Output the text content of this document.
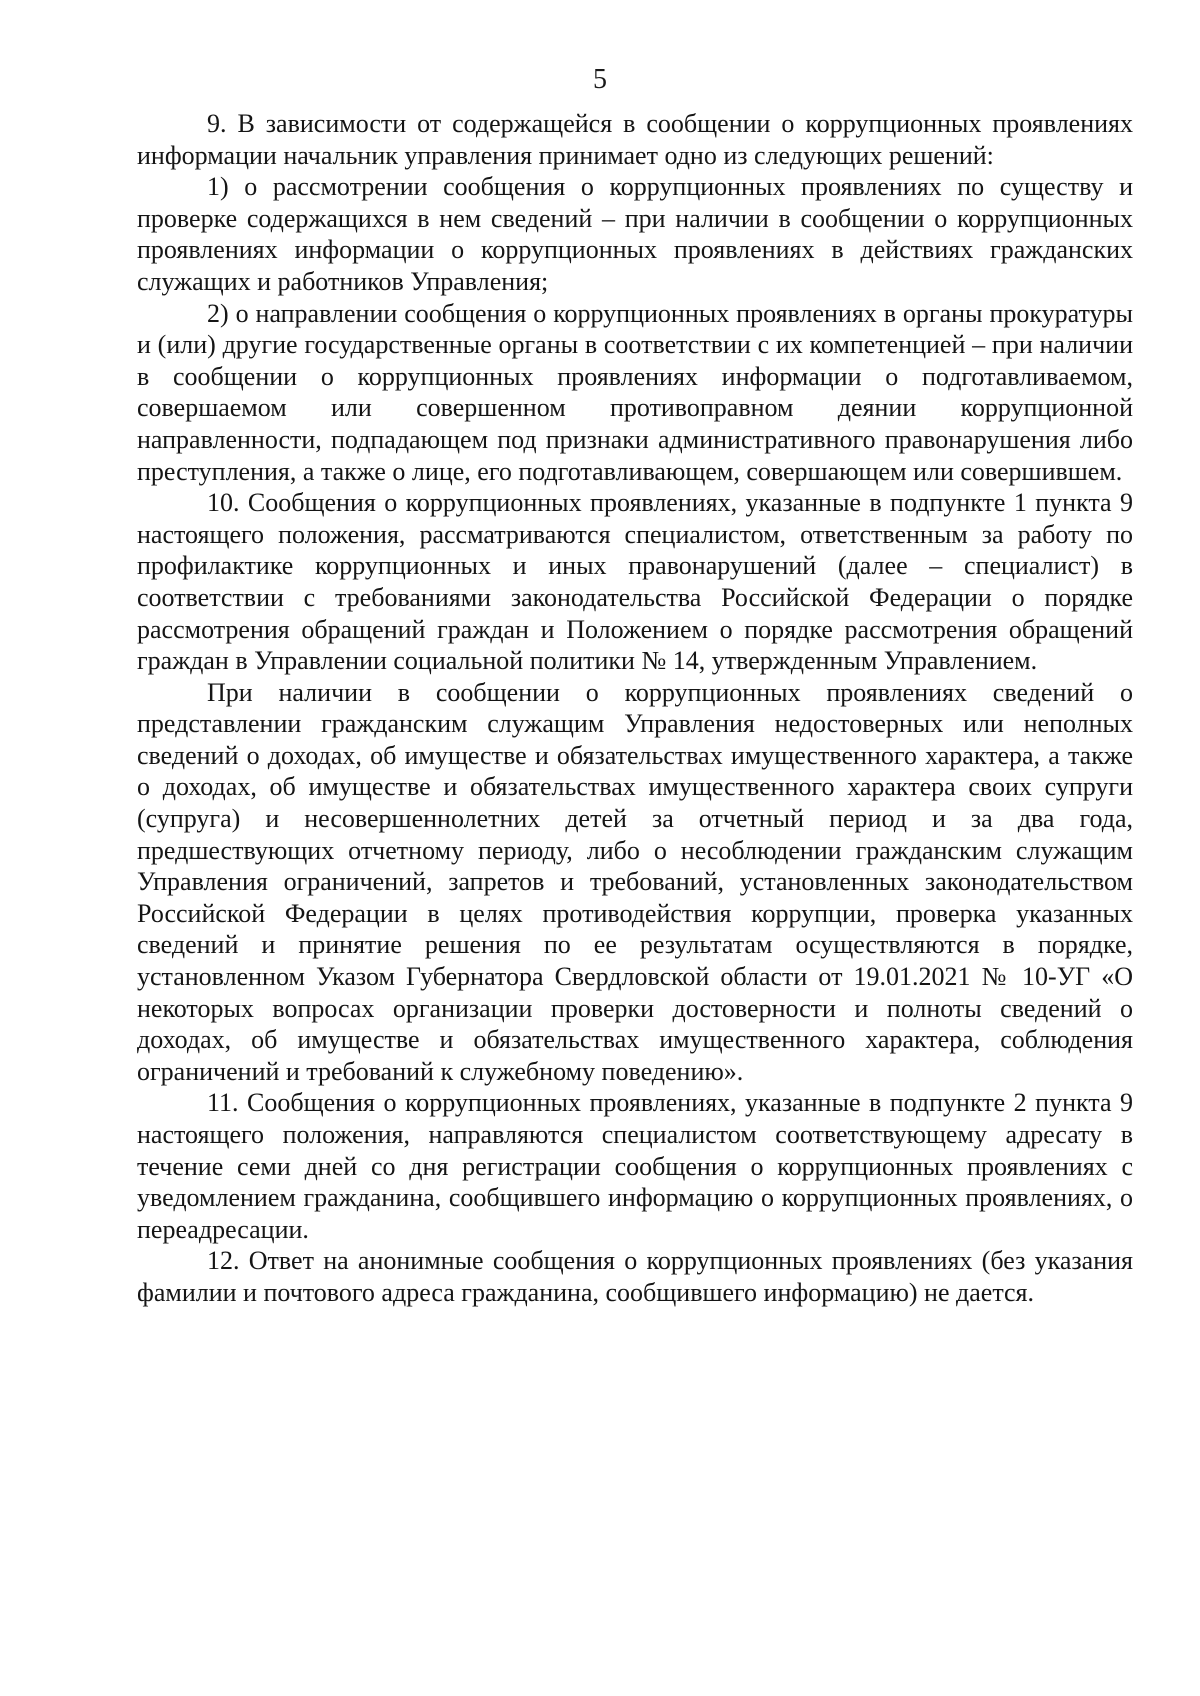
5

9. В зависимости от содержащейся в сообщении о коррупционных проявлениях информации начальник управления принимает одно из следующих решений:

1) о рассмотрении сообщения о коррупционных проявлениях по существу и проверке содержащихся в нем сведений – при наличии в сообщении о коррупционных проявлениях информации о коррупционных проявлениях в действиях гражданских служащих и работников Управления;

2) о направлении сообщения о коррупционных проявлениях в органы прокуратуры и (или) другие государственные органы в соответствии с их компетенцией – при наличии в сообщении о коррупционных проявлениях информации о подготавливаемом, совершаемом или совершенном противоправном деянии коррупционной направленности, подпадающем под признаки административного правонарушения либо преступления, а также о лице, его подготавливающем, совершающем или совершившем.

10. Сообщения о коррупционных проявлениях, указанные в подпункте 1 пункта 9 настоящего положения, рассматриваются специалистом, ответственным за работу по профилактике коррупционных и иных правонарушений (далее – специалист) в соответствии с требованиями законодательства Российской Федерации о порядке рассмотрения обращений граждан и Положением о порядке рассмотрения обращений граждан в Управлении социальной политики № 14, утвержденным Управлением.

При наличии в сообщении о коррупционных проявлениях сведений о представлении гражданским служащим Управления недостоверных или неполных сведений о доходах, об имуществе и обязательствах имущественного характера, а также о доходах, об имуществе и обязательствах имущественного характера своих супруги (супруга) и несовершеннолетних детей за отчетный период и за два года, предшествующих отчетному периоду, либо о несоблюдении гражданским служащим Управления ограничений, запретов и требований, установленных законодательством Российской Федерации в целях противодействия коррупции, проверка указанных сведений и принятие решения по ее результатам осуществляются в порядке, установленном Указом Губернатора Свердловской области от 19.01.2021 № 10-УГ «О некоторых вопросах организации проверки достоверности и полноты сведений о доходах, об имуществе и обязательствах имущественного характера, соблюдения ограничений и требований к служебному поведению».

11. Сообщения о коррупционных проявлениях, указанные в подпункте 2 пункта 9 настоящего положения, направляются специалистом соответствующему адресату в течение семи дней со дня регистрации сообщения о коррупционных проявлениях с уведомлением гражданина, сообщившего информацию о коррупционных проявлениях, о переадресации.

12. Ответ на анонимные сообщения о коррупционных проявлениях (без указания фамилии и почтового адреса гражданина, сообщившего информацию) не дается.
